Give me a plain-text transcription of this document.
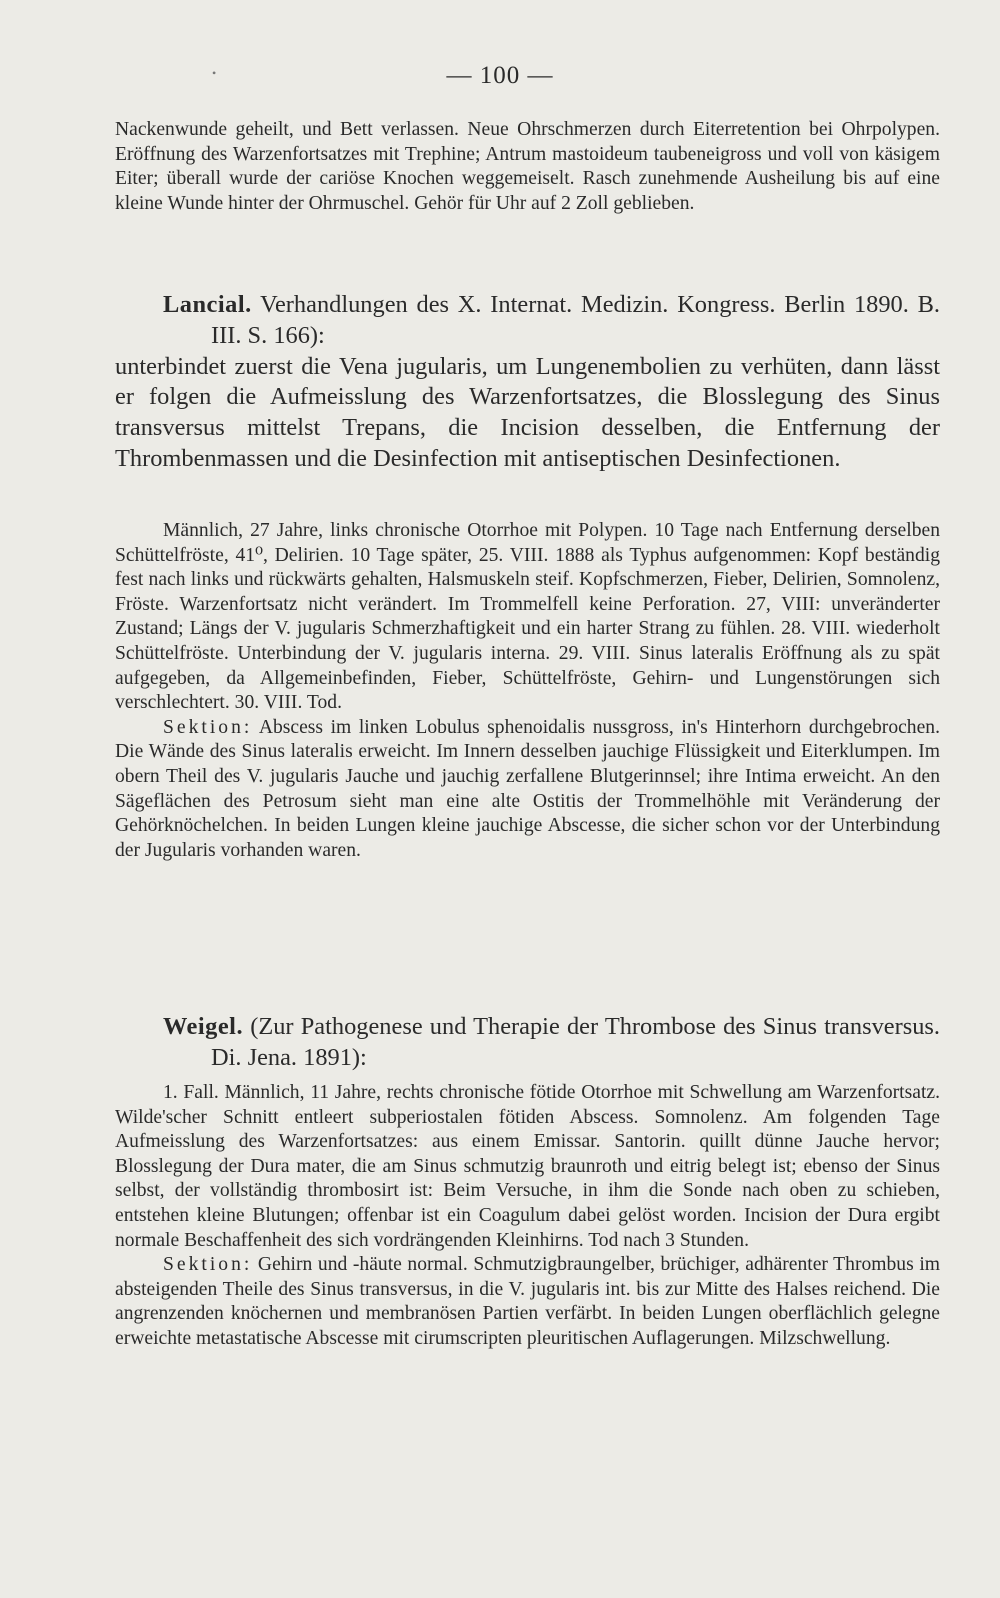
•	— 100 —

Nackenwunde geheilt, und Bett verlassen. Neue Ohrschmerzen durch Eiterretention bei Ohrpolypen. Eröffnung des Warzenfortsatzes mit Trephine; Antrum mastoideum taubeneigross und voll von käsigem Eiter; überall wurde der cariöse Knochen weggemeiselt. Rasch zunehmende Ausheilung bis auf eine kleine Wunde hinter der Ohrmuschel. Gehör für Uhr auf 2 Zoll geblieben.

Lancial. Verhandlungen des X. Internat. Medizin. Kongress. Berlin 1890. B. III. S. 166):

unterbindet zuerst die Vena jugularis, um Lungenembolien zu verhüten, dann lässt er folgen die Aufmeisslung des Warzenfortsatzes, die Blosslegung des Sinus transversus mittelst Trepans, die Incision desselben, die Entfernung der Thrombenmassen und die Desinfection mit antiseptischen Desinfectionen.

Männlich, 27 Jahre, links chronische Otorrhoe mit Polypen. 10 Tage nach Entfernung derselben Schüttelfröste, 41⁰, Delirien. 10 Tage später, 25. VIII. 1888 als Typhus aufgenommen: Kopf beständig fest nach links und rückwärts gehalten, Halsmuskeln steif. Kopfschmerzen, Fieber, Delirien, Somnolenz, Fröste. Warzenfortsatz nicht verändert. Im Trommelfell keine Perforation. 27, VIII: unveränderter Zustand; Längs der V. jugularis Schmerzhaftigkeit und ein harter Strang zu fühlen. 28. VIII. wiederholt Schüttelfröste. Unterbindung der V. jugularis interna. 29. VIII. Sinus lateralis Eröffnung als zu spät aufgegeben, da Allgemeinbefinden, Fieber, Schüttelfröste, Gehirn- und Lungenstörungen sich verschlechtert. 30. VIII. Tod.

Sektion: Abscess im linken Lobulus sphenoidalis nussgross, in's Hinterhorn durchgebrochen. Die Wände des Sinus lateralis erweicht. Im Innern desselben jauchige Flüssigkeit und Eiterklumpen. Im obern Theil des V. jugularis Jauche und jauchig zerfallene Blutgerinnsel; ihre Intima erweicht. An den Sägeflächen des Petrosum sieht man eine alte Ostitis der Trommelhöhle mit Veränderung der Gehörknöchelchen. In beiden Lungen kleine jauchige Abscesse, die sicher schon vor der Unterbindung der Jugularis vorhanden waren.

Weigel. (Zur Pathogenese und Therapie der Thrombose des Sinus transversus. Di. Jena. 1891):

1. Fall. Männlich, 11 Jahre, rechts chronische fötide Otorrhoe mit Schwellung am Warzenfortsatz. Wilde'scher Schnitt entleert subperiostalen fötiden Abscess. Somnolenz. Am folgenden Tage Aufmeisslung des Warzenfortsatzes: aus einem Emissar. Santorin. quillt dünne Jauche hervor; Blosslegung der Dura mater, die am Sinus schmutzig braunroth und eitrig belegt ist; ebenso der Sinus selbst, der vollständig thrombosirt ist: Beim Versuche, in ihm die Sonde nach oben zu schieben, entstehen kleine Blutungen; offenbar ist ein Coagulum dabei gelöst worden. Incision der Dura ergibt normale Beschaffenheit des sich vordrängenden Kleinhirns. Tod nach 3 Stunden.

Sektion: Gehirn und -häute normal. Schmutzigbraungelber, brüchiger, adhärenter Thrombus im absteigenden Theile des Sinus transversus, in die V. jugularis int. bis zur Mitte des Halses reichend. Die angrenzenden knöchernen und membranösen Partien verfärbt. In beiden Lungen oberflächlich gelegne erweichte metastatische Abscesse mit cirumscripten pleuritischen Auflagerungen. Milzschwellung.
